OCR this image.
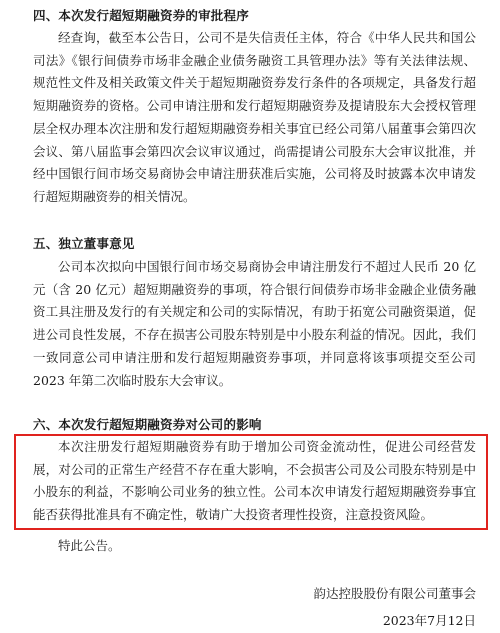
四、本次发行超短期融资券的审批程序

经查询，截至本公告日，公司不是失信责任主体，符合《中华人民共和国公司法》《银行间债券市场非金融企业债务融资工具管理办法》等有关法律法规、规范性文件及相关政策文件关于超短期融资券发行条件的各项规定，具备发行超短期融资券的资格。公司申请注册和发行超短期融资券及提请股东大会授权管理层全权办理本次注册和发行超短期融资券相关事宜已经公司第八届董事会第四次会议、第八届监事会第四次会议审议通过，尚需提请公司股东大会审议批准，并经中国银行间市场交易商协会申请注册获准后实施，公司将及时披露本次申请发行超短期融资券的相关情况。

五、独立董事意见

公司本次拟向中国银行间市场交易商协会申请注册发行不超过人民币 20 亿元（含 20 亿元）超短期融资券的事项，符合银行间债券市场非金融企业债务融资工具注册及发行的有关规定和公司的实际情况，有助于拓宽公司融资渠道，促进公司良性发展，不存在损害公司股东特别是中小股东利益的情况。因此，我们一致同意公司申请注册和发行超短期融资券事项，并同意将该事项提交至公司 2023 年第二次临时股东大会审议。

六、本次发行超短期融资券对公司的影响

本次注册发行超短期融资券有助于增加公司资金流动性，促进公司经营发展，对公司的正常生产经营不存在重大影响，不会损害公司及公司股东特别是中小股东的利益，不影响公司业务的独立性。公司本次申请发行超短期融资券事宜能否获得批准具有不确定性，敬请广大投资者理性投资，注意投资风险。

特此公告。
韵达控股股份有限公司董事会
2023年7月12日
